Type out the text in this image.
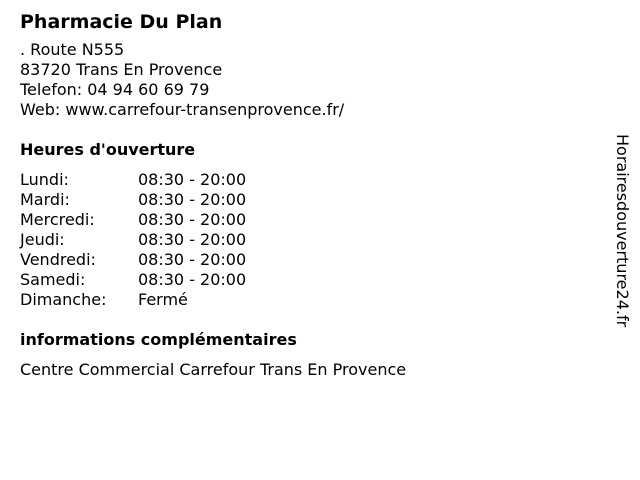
Pharmacie Du Plan
. Route N555
83720 Trans En Provence
Telefon: 04 94 60 69 79
Web: www.carrefour-transenprovence.fr/
Heures d'ouverture
Lundi:	08:30 - 20:00
Mardi:	08:30 - 20:00
Mercredi:	08:30 - 20:00
Jeudi:	08:30 - 20:00
Vendredi:	08:30 - 20:00
Samedi:	08:30 - 20:00
Dimanche:	Fermé
informations complémentaires
Centre Commercial Carrefour Trans En Provence
Horairesdouverture24.fr
